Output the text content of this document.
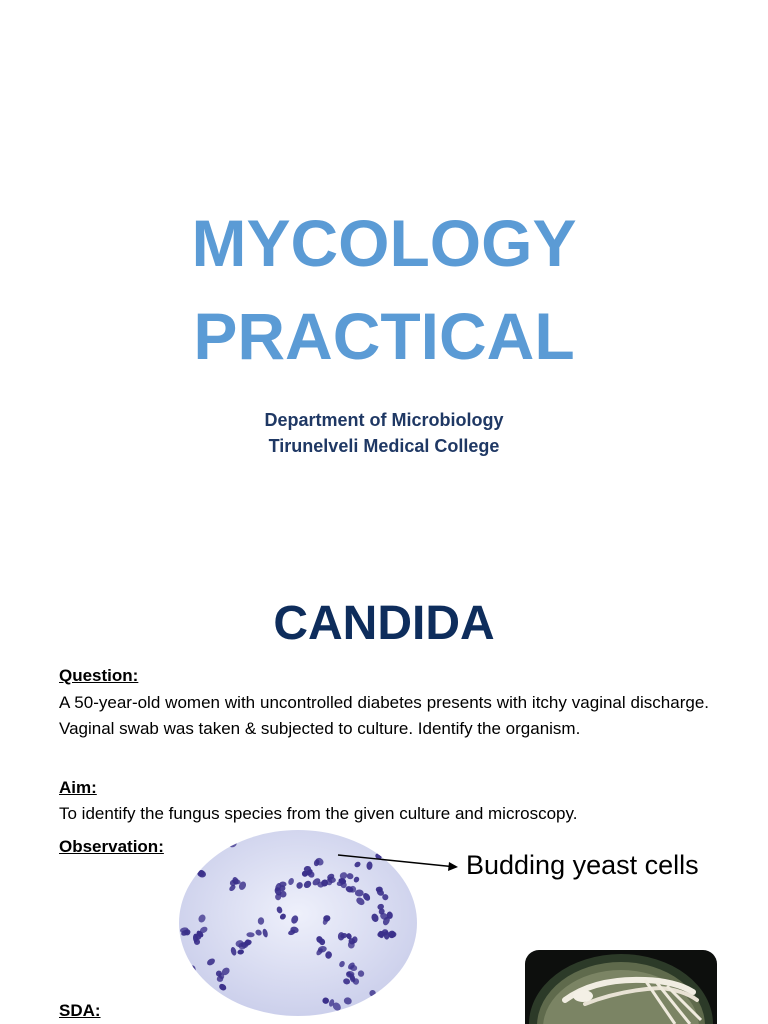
MYCOLOGY
PRACTICAL
Department of Microbiology
Tirunelveli Medical College
CANDIDA
Question:
A 50-year-old women with uncontrolled diabetes presents with itchy vaginal discharge. Vaginal swab was taken & subjected to culture. Identify the organism.
Aim:
To identify the fungus species from the given culture and microscopy.
Observation:
Budding yeast cells
SDA:
